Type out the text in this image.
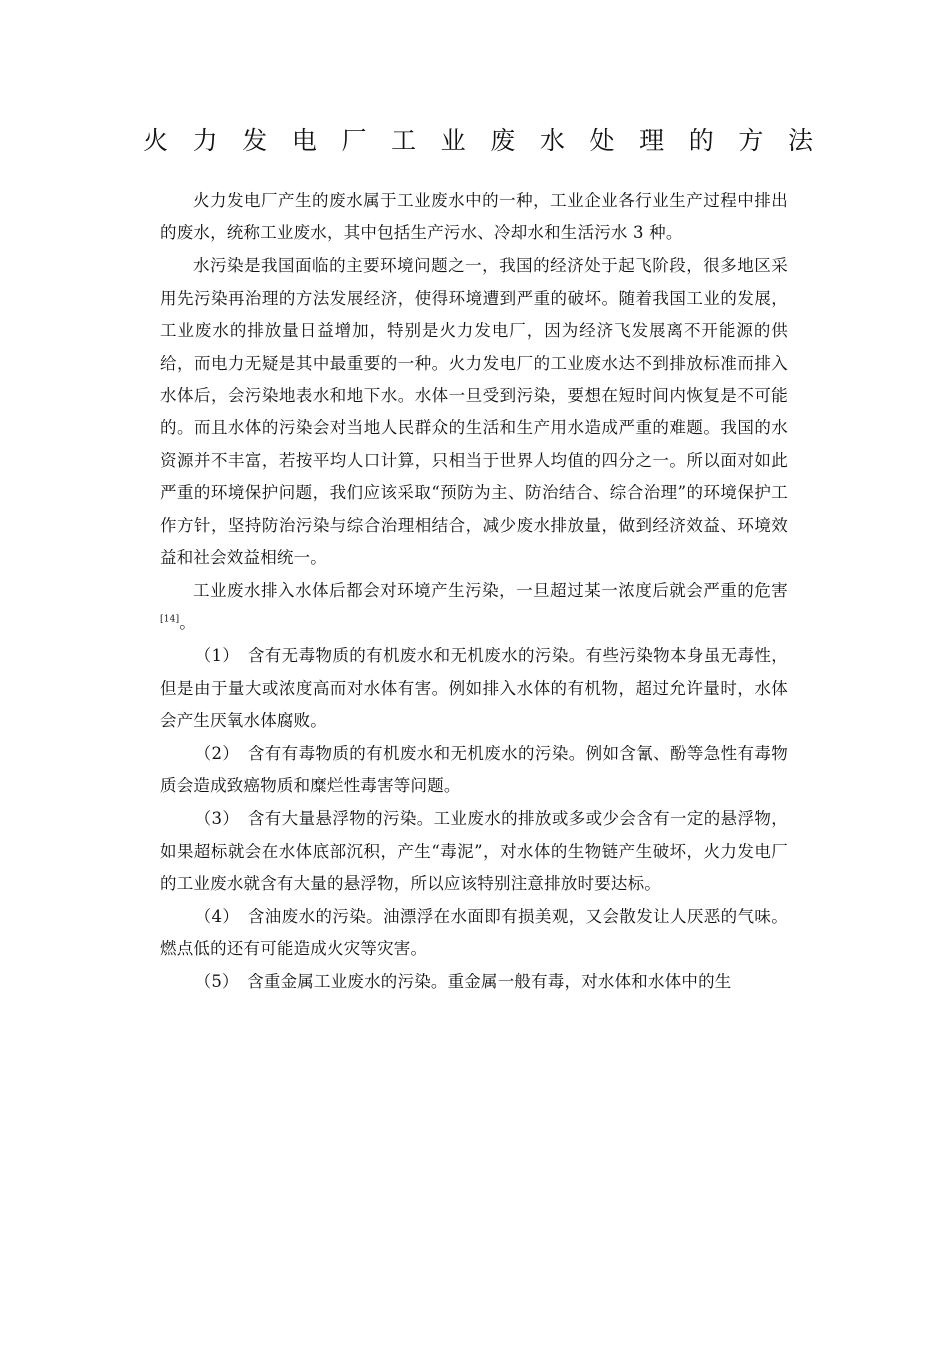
火力发电厂工业废水处理的方法

火力发电厂产生的废水属于工业废水中的一种，工业企业各行业生产过程中排出的废水，统称工业废水，其中包括生产污水、冷却水和生活污水 3 种。

水污染是我国面临的主要环境问题之一，我国的经济处于起飞阶段，很多地区采用先污染再治理的方法发展经济，使得环境遭到严重的破坏。随着我国工业的发展，工业废水的排放量日益增加，特别是火力发电厂，因为经济飞发展离不开能源的供给，而电力无疑是其中最重要的一种。火力发电厂的工业废水达不到排放标准而排入水体后，会污染地表水和地下水。水体一旦受到污染，要想在短时间内恢复是不可能的。而且水体的污染会对当地人民群众的生活和生产用水造成严重的难题。我国的水资源并不丰富，若按平均人口计算，只相当于世界人均值的四分之一。所以面对如此严重的环境保护问题，我们应该采取“预防为主、防治结合、综合治理”的环境保护工作方针，坚持防治污染与综合治理相结合，减少废水排放量，做到经济效益、环境效益和社会效益相统一。

工业废水排入水体后都会对环境产生污染，一旦超过某一浓度后就会严重的危害[14]。

（1）　含有无毒物质的有机废水和无机废水的污染。有些污染物本身虽无毒性，但是由于量大或浓度高而对水体有害。例如排入水体的有机物，超过允许量时，水体会产生厌氧水体腐败。

（2）　含有有毒物质的有机废水和无机废水的污染。例如含氰、酚等急性有毒物质会造成致癌物质和糜烂性毒害等问题。

（3）　含有大量悬浮物的污染。工业废水的排放或多或少会含有一定的悬浮物，如果超标就会在水体底部沉积，产生“毒泥”，对水体的生物链产生破坏，火力发电厂的工业废水就含有大量的悬浮物，所以应该特别注意排放时要达标。

（4）　含油废水的污染。油漂浮在水面即有损美观，又会散发让人厌恶的气味。燃点低的还有可能造成火灾等灾害。

（5）　含重金属工业废水的污染。重金属一般有毒，对水体和水体中的生
